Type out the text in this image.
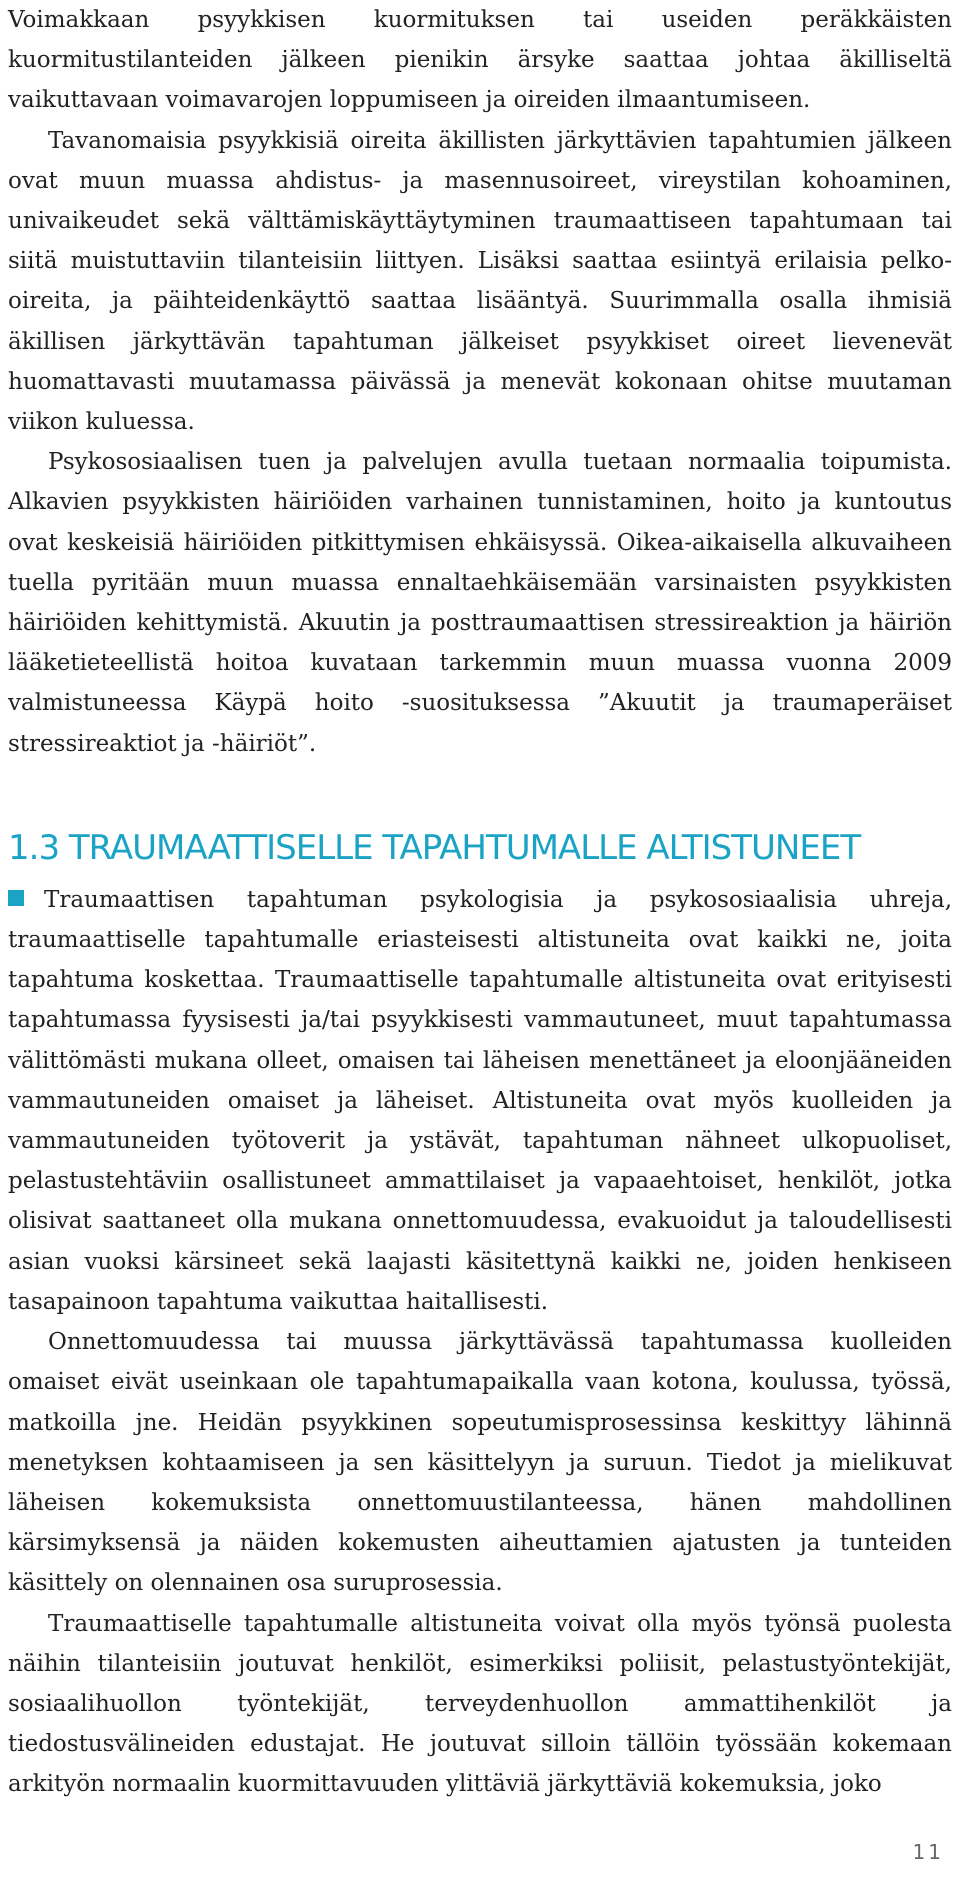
Voimakkaan psyykkisen kuormituksen tai useiden peräkkäisten kuormitustilanteiden jälkeen pienikin ärsyke saattaa johtaa äkilliseltä vaikuttavaan voimavarojen loppumiseen ja oireiden ilmaantumiseen.

Tavanomaisia psyykkisiä oireita äkillisten järkyttävien tapahtumien jälkeen ovat muun muassa ahdistus- ja masennusoireet, vireystilan kohoaminen, univaikeudet sekä välttämiskäyttäytyminen traumaattiseen tapahtumaan tai siitä muistuttaviin tilanteisiin liittyen. Lisäksi saattaa esiintyä erilaisia pelko-oireita, ja päihteidenkäyttö saattaa lisääntyä. Suurimmalla osalla ihmisiä äkillisen järkyttävän tapahtuman jälkeiset psyykkiset oireet lievenevät huomattavasti muutamassa päivässä ja menevät kokonaan ohitse muutaman viikon kuluessa.

Psykososiaalisen tuen ja palvelujen avulla tuetaan normaalia toipumista. Alkavien psyykkisten häiriöiden varhainen tunnistaminen, hoito ja kuntoutus ovat keskeisiä häiriöiden pitkittymisen ehkäisyssä. Oikea-aikaisella alkuvaiheen tuella pyritään muun muassa ennaltaehkäisemään varsinaisten psyykkisten häiriöiden kehittymistä. Akuutin ja posttraumaattisen stressireaktion ja häiriön lääketieteellistä hoitoa kuvataan tarkemmin muun muassa vuonna 2009 valmistuneessa Käypä hoito -suosituksessa ”Akuutit ja traumaperäiset stressireaktiot ja -häiriöt”.

1.3 TRAUMAATTISELLE TAPAHTUMALLE ALTISTUNEET

Traumaattisen tapahtuman psykologisia ja psykososiaalisia uhreja, traumaattiselle tapahtumalle eriasteisesti altistuneita ovat kaikki ne, joita tapahtuma koskettaa. Traumaattiselle tapahtumalle altistuneita ovat erityisesti tapahtumassa fyysisesti ja/tai psyykkisesti vammautuneet, muut tapahtumassa välittömästi mukana olleet, omaisen tai läheisen menettäneet ja eloonjääneiden vammautuneiden omaiset ja läheiset. Altistuneita ovat myös kuolleiden ja vammautuneiden työtoverit ja ystävät, tapahtuman nähneet ulkopuoliset, pelastustehtäviin osallistuneet ammattilaiset ja vapaaehtoiset, henkilöt, jotka olisivat saattaneet olla mukana onnettomuudessa, evakuoidut ja taloudellisesti asian vuoksi kärsineet sekä laajasti käsitettynä kaikki ne, joiden henkiseen tasapainoon tapahtuma vaikuttaa haitallisesti.

Onnettomuudessa tai muussa järkyttävässä tapahtumassa kuolleiden omaiset eivät useinkaan ole tapahtumapaikalla vaan kotona, koulussa, työssä, matkoilla jne. Heidän psyykkinen sopeutumisprosessinsa keskittyy lähinnä menetyksen kohtaamiseen ja sen käsittelyyn ja suruun. Tiedot ja mielikuvat läheisen kokemuksista onnettomuustilanteessa, hänen mahdollinen kärsimyksensä ja näiden kokemusten aiheuttamien ajatusten ja tunteiden käsittely on olennainen osa suruprosessia.

Traumaattiselle tapahtumalle altistuneita voivat olla myös työnsä puolesta näihin tilanteisiin joutuvat henkilöt, esimerkiksi poliisit, pelastustyöntekijät, sosiaalihuollon työntekijät, terveydenhuollon ammattihenkilöt ja tiedostusvälineiden edustajat. He joutuvat silloin tällöin työssään kokemaan arkityön normaalin kuormittavuuden ylittäviä järkyttäviä kokemuksia, joko

11
